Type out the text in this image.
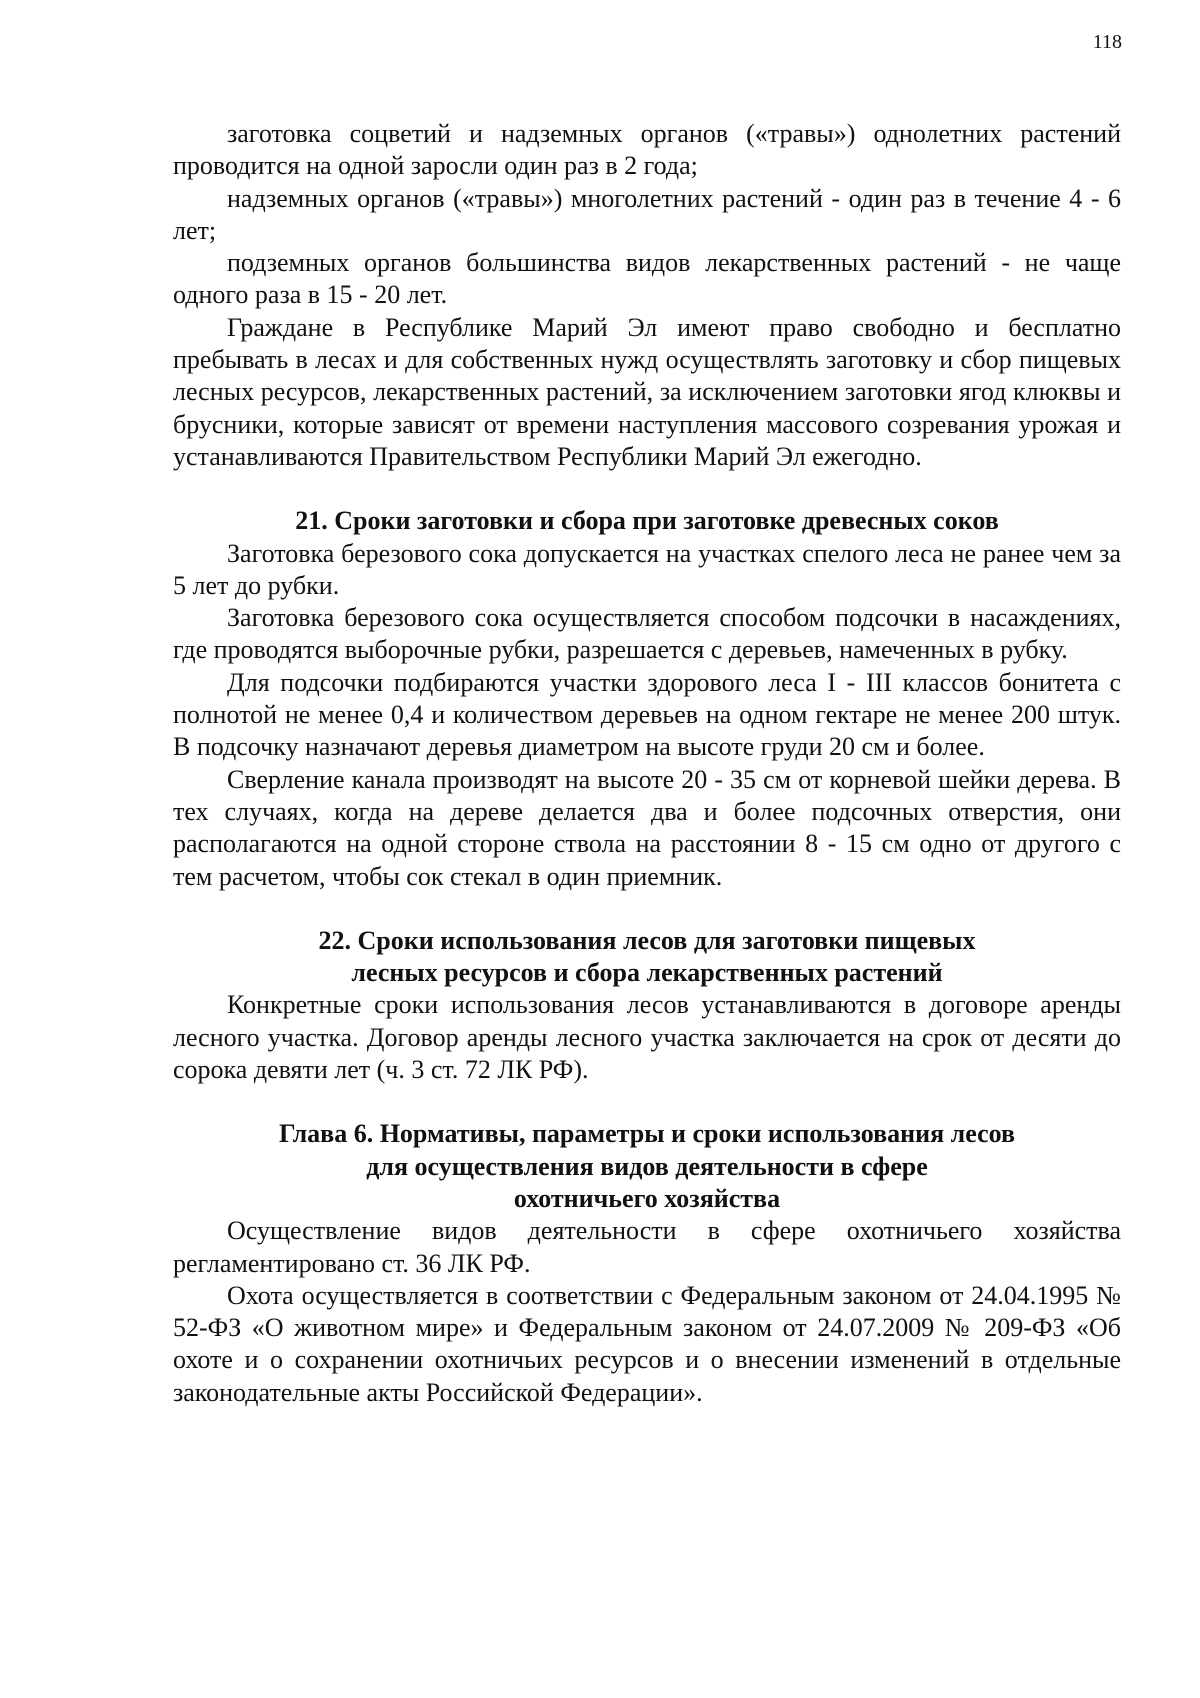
118

заготовка соцветий и надземных органов («травы») однолетних растений проводится на одной заросли один раз в 2 года;

надземных органов («травы») многолетних растений - один раз в течение 4 - 6 лет;

подземных органов большинства видов лекарственных растений - не чаще одного раза в 15 - 20 лет.

Граждане в Республике Марий Эл имеют право свободно и бесплатно пребывать в лесах и для собственных нужд осуществлять заготовку и сбор пищевых лесных ресурсов, лекарственных растений, за исключением заготовки ягод клюквы и брусники, которые зависят от времени наступления массового созревания урожая и устанавливаются Правительством Республики Марий Эл ежегодно.

21. Сроки заготовки и сбора при заготовке древесных соков

Заготовка березового сока допускается на участках спелого леса не ранее чем за 5 лет до рубки.

Заготовка березового сока осуществляется способом подсочки в насаждениях, где проводятся выборочные рубки, разрешается с деревьев, намеченных в рубку.

Для подсочки подбираются участки здорового леса I - III классов бонитета с полнотой не менее 0,4 и количеством деревьев на одном гектаре не менее 200 штук. В подсочку назначают деревья диаметром на высоте груди 20 см и более.

Сверление канала производят на высоте 20 - 35 см от корневой шейки дерева. В тех случаях, когда на дереве делается два и более подсочных отверстия, они располагаются на одной стороне ствола на расстоянии 8 - 15 см одно от другого с тем расчетом, чтобы сок стекал в один приемник.

22. Сроки использования лесов для заготовки пищевых
лесных ресурсов и сбора лекарственных растений

Конкретные сроки использования лесов устанавливаются в договоре аренды лесного участка. Договор аренды лесного участка заключается на срок от десяти до сорока девяти лет (ч. 3 ст. 72 ЛК РФ).

Глава 6. Нормативы, параметры и сроки использования лесов
для осуществления видов деятельности в сфере
охотничьего хозяйства

Осуществление видов деятельности в сфере охотничьего хозяйства регламентировано ст. 36 ЛК РФ.

Охота осуществляется в соответствии с Федеральным законом от 24.04.1995 № 52-ФЗ «О животном мире» и Федеральным законом от 24.07.2009 № 209-ФЗ «Об охоте и о сохранении охотничьих ресурсов и о внесении изменений в отдельные законодательные акты Российской Федерации».
